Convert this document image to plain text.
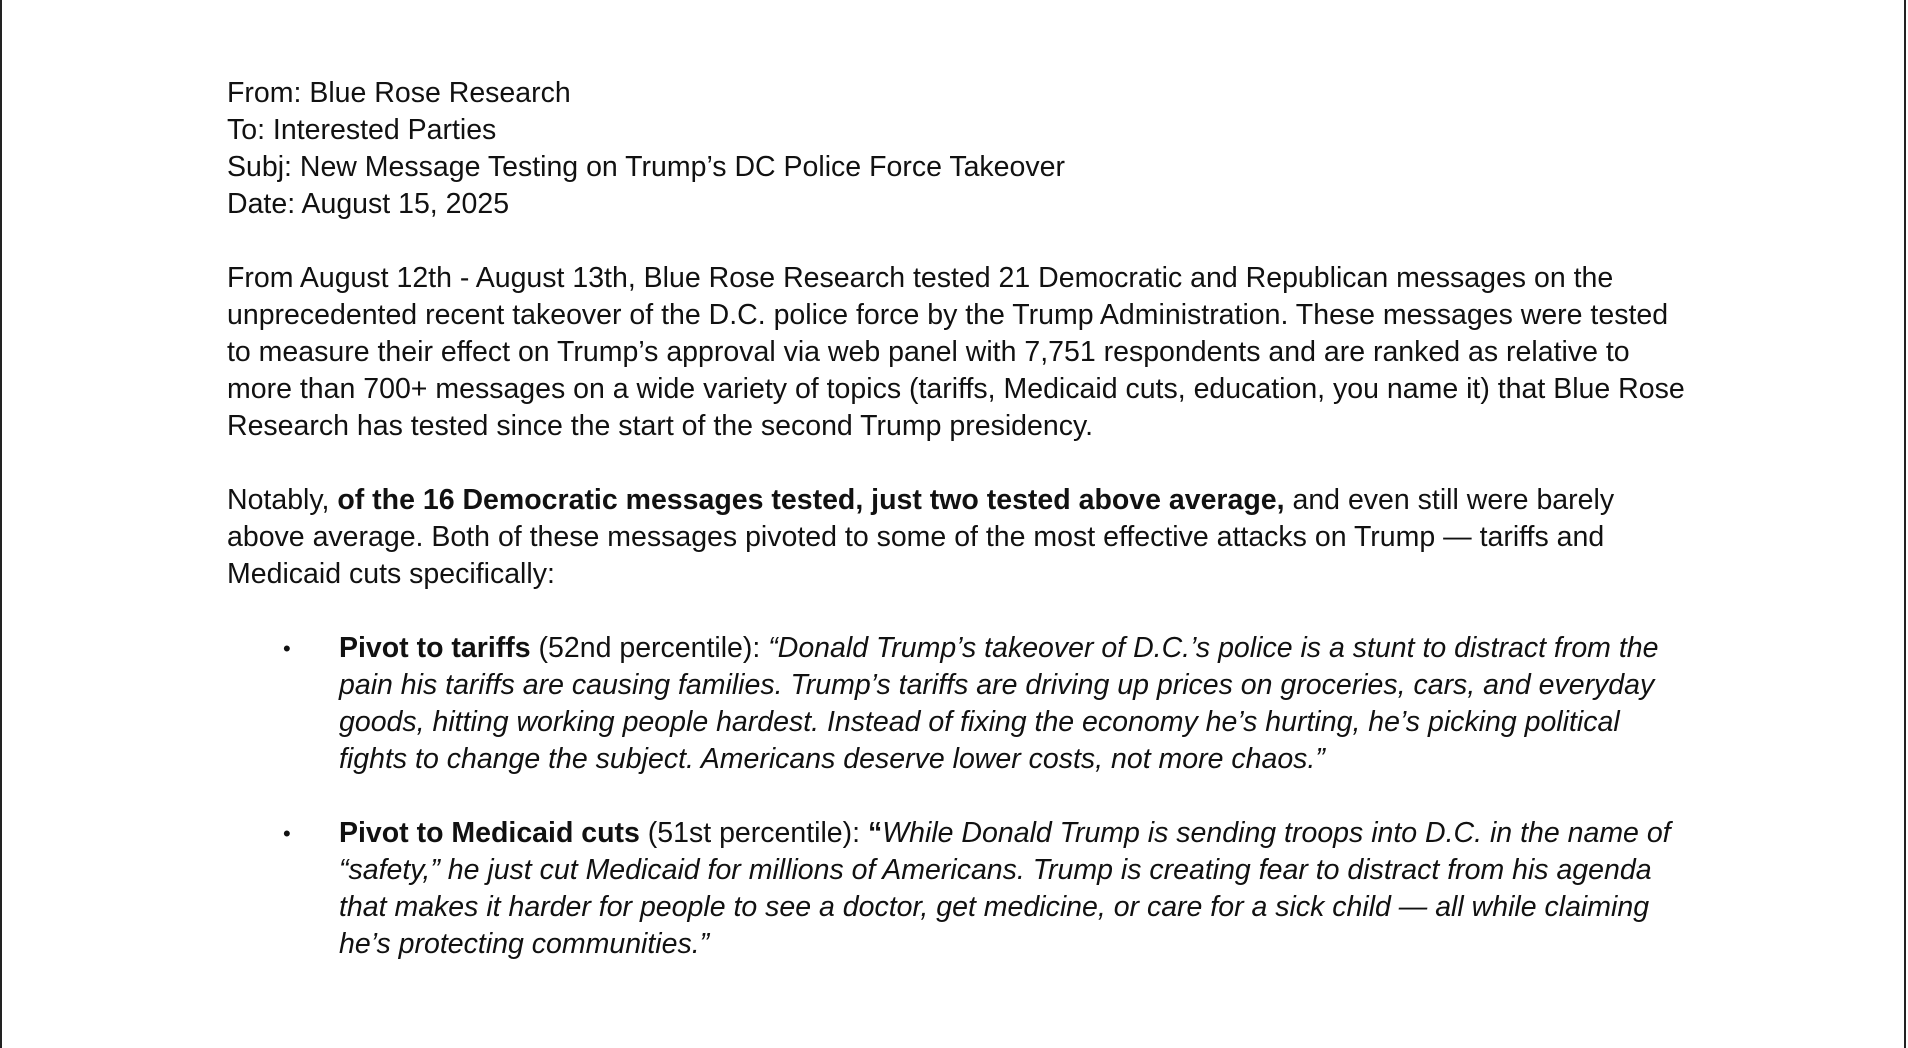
From: Blue Rose Research

To: Interested Parties

Subj: New Message Testing on Trump’s DC Police Force Takeover

Date: August 15, 2025

From August 12th - August 13th, Blue Rose Research tested 21 Democratic and Republican messages on the unprecedented recent takeover of the D.C. police force by the Trump Administration. These messages were tested to measure their effect on Trump’s approval via web panel with 7,751 respondents and are ranked as relative to more than 700+ messages on a wide variety of topics (tariffs, Medicaid cuts, education, you name it) that Blue Rose Research has tested since the start of the second Trump presidency.

Notably, of the 16 Democratic messages tested, just two tested above average, and even still were barely above average. Both of these messages pivoted to some of the most effective attacks on Trump — tariffs and Medicaid cuts specifically:

• Pivot to tariffs (52nd percentile): “Donald Trump’s takeover of D.C.’s police is a stunt to distract from the pain his tariffs are causing families. Trump’s tariffs are driving up prices on groceries, cars, and everyday goods, hitting working people hardest. Instead of fixing the economy he’s hurting, he’s picking political fights to change the subject. Americans deserve lower costs, not more chaos.”
• Pivot to Medicaid cuts (51st percentile): “While Donald Trump is sending troops into D.C. in the name of “safety,” he just cut Medicaid for millions of Americans. Trump is creating fear to distract from his agenda that makes it harder for people to see a doctor, get medicine, or care for a sick child — all while claiming he’s protecting communities.”
